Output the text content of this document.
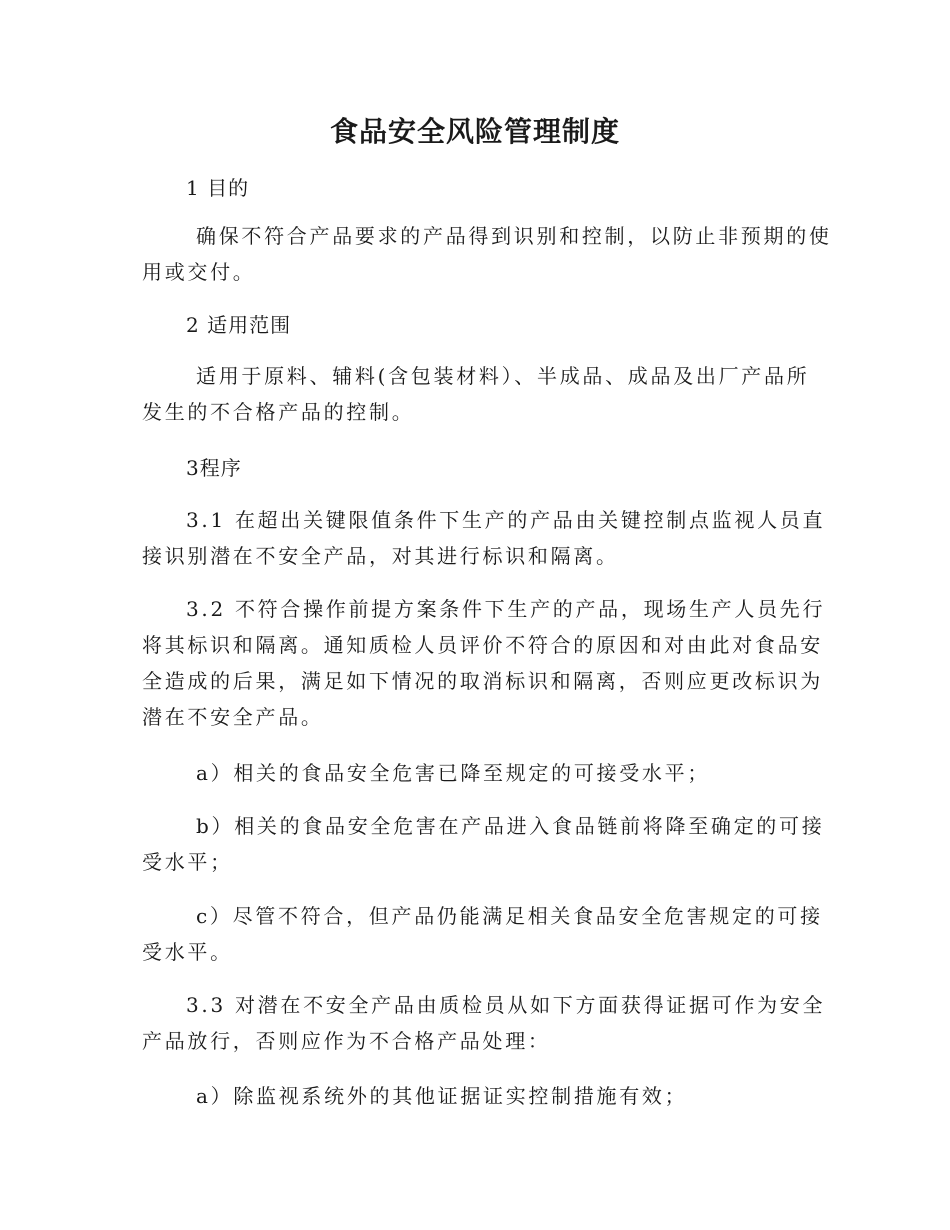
食品安全风险管理制度

1 目的

确保不符合产品要求的产品得到识别和控制，以防止非预期的使
用或交付。

2 适用范围

适用于原料、辅料(含包装材料）、半成品、成品及出厂产品所
发生的不合格产品的控制。

3程序

3.1 在超出关键限值条件下生产的产品由关键控制点监视人员直
接识别潜在不安全产品，对其进行标识和隔离。

3.2 不符合操作前提方案条件下生产的产品，现场生产人员先行
将其标识和隔离。通知质检人员评价不符合的原因和对由此对食品安
全造成的后果，满足如下情况的取消标识和隔离，否则应更改标识为
潜在不安全产品。

a）相关的食品安全危害已降至规定的可接受水平；

b）相关的食品安全危害在产品进入食品链前将降至确定的可接
受水平；

c）尽管不符合，但产品仍能满足相关食品安全危害规定的可接
受水平。

3.3 对潜在不安全产品由质检员从如下方面获得证据可作为安全
产品放行，否则应作为不合格产品处理：

a）除监视系统外的其他证据证实控制措施有效；
